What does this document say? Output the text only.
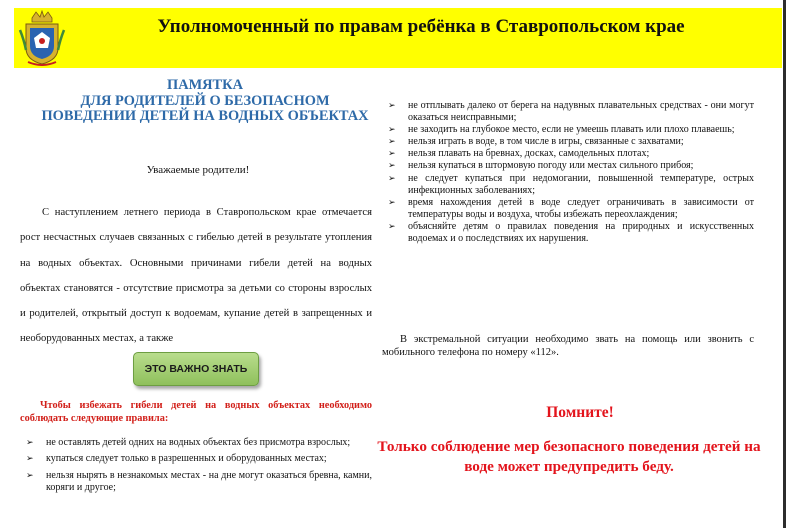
Уполномоченный по правам ребёнка в Ставропольском крае
ПАМЯТКА
ДЛЯ РОДИТЕЛЕЙ О БЕЗОПАСНОМ
ПОВЕДЕНИИ ДЕТЕЙ НА ВОДНЫХ ОБЪЕКТАХ
Уважаемые родители!
С наступлением летнего периода в Ставропольском крае отмечается рост несчастных случаев связанных с гибелью детей в результате утопления на водных объектах. Основными причинами гибели детей на водных объектах становятся - отсутствие присмотра за детьми со стороны взрослых и родителей, открытый доступ к водоемам, купание детей в запрещенных и необорудованных местах, а также
ЭТО ВАЖНО ЗНАТЬ
Чтобы избежать гибели детей на водных объектах необходимо соблюдать следующие правила:
➢ не оставлять детей одних на водных объектах без присмотра взрослых;
➢ купаться следует только в разрешенных и оборудованных местах;
➢ нельзя нырять в незнакомых местах - на дне могут оказаться бревна, камни, коряги и другое;
➢ не отплывать далеко от берега на надувных плавательных средствах - они могут оказаться неисправными;
➢ не заходить на глубокое место, если не умеешь плавать или плохо плаваешь;
➢ нельзя играть в воде, в том числе в игры, связанные с захватами;
➢ нельзя плавать на бревнах, досках, самодельных плотах;
➢ нельзя купаться в штормовую погоду или местах сильного прибоя;
➢ не следует купаться при недомогании, повышенной температуре, острых инфекционных заболеваниях;
➢ время нахождения детей в воде следует ограничивать в зависимости от температуры воды и воздуха, чтобы избежать переохлаждения;
➢ объясняйте детям о правилах поведения на природных и искусственных водоемах и о последствиях их нарушения.
В экстремальной ситуации необходимо звать на помощь или звонить с мобильного телефона по номеру «112».
Помните!
Только соблюдение мер безопасного поведения детей на воде может предупредить беду.
